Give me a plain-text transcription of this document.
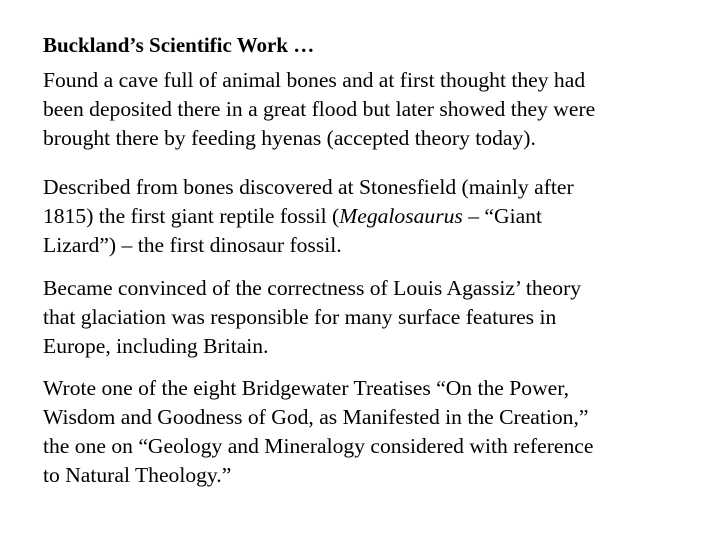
Buckland’s Scientific Work …

Found a cave full of animal bones and at first thought they had
been deposited there in a great flood but later showed they were
brought there by feeding hyenas (accepted theory today).

Described from bones discovered at Stonesfield (mainly after
1815) the first giant reptile fossil (Megalosaurus – “Giant
Lizard”) – the first dinosaur fossil.

Became convinced of the correctness of Louis Agassiz’ theory
that glaciation was responsible for many surface features in
Europe, including Britain.

Wrote one of the eight Bridgewater Treatises “On the Power,
Wisdom and Goodness of God, as Manifested in the Creation,”
the one on “Geology and Mineralogy considered with reference
to Natural Theology.”
